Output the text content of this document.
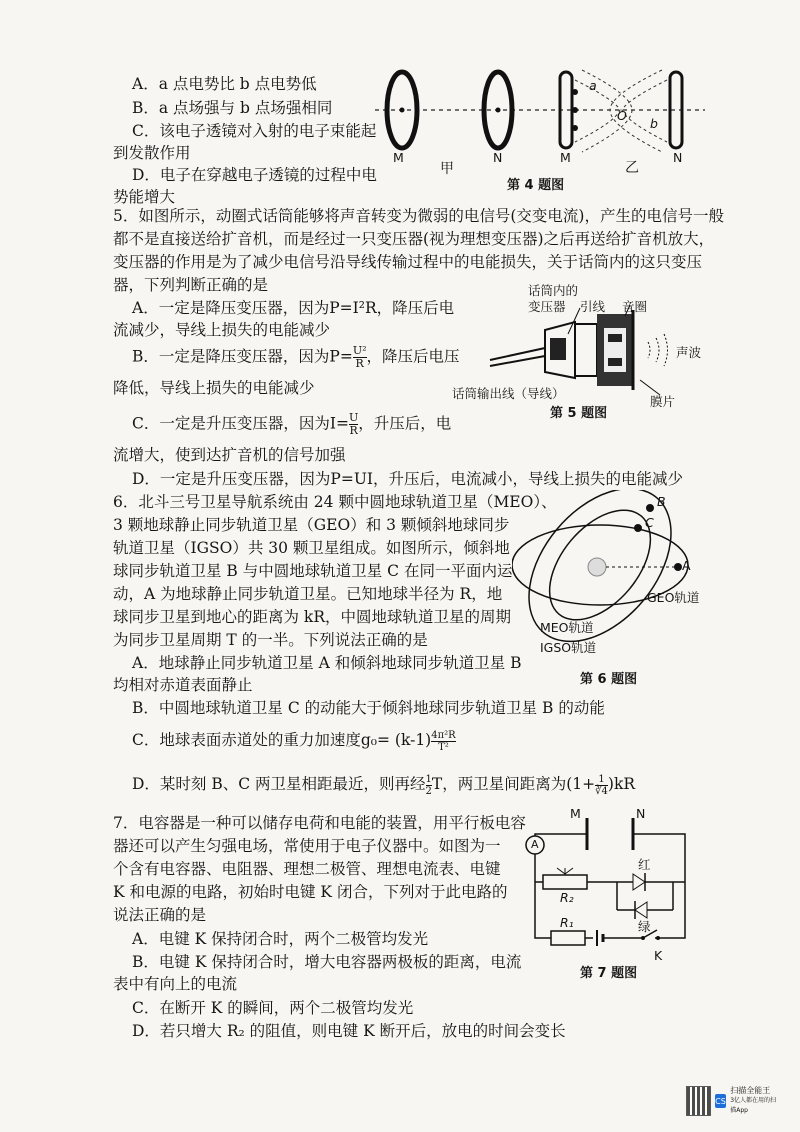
A．a 点电势比 b 点电势低
B．a 点场强与 b 点场强相同
C．该电子透镜对入射的电子束能起
到发散作用
D．电子在穿越电子透镜的过程中电
势能增大
M
甲
N	M
乙
N
a
b
O
第 4 题图
5．如图所示，动圈式话筒能够将声音转变为微弱的电信号(交变电流)，产生的电信号一般
都不是直接送给扩音机，而是经过一只变压器(视为理想变压器)之后再送给扩音机放大，
变压器的作用是为了减少电信号沿导线传输过程中的电能损失，关于话筒内的这只变压
器，下列判断正确的是
A．一定是降压变压器，因为P=I²R，降压后电
流减少，导线上损失的电能减少
B．一定是降压变压器，因为$P= \frac{\text{U²}}{R}$ ，降压后电压
降低，导线上损失的电能减少
C．一定是升压变压器，因为$I= \frac{U}{R}$ ，升压后，电
流增大，使到达扩音机的信号加强
D．一定是升压变压器，因为P=UI，升压后，电流减小，导线上损失的电能减少
话筒内的
变压器 引线 音圈
声波
话筒输出线（导线）
膜片
第 5 题图
6．北斗三号卫星导航系统由 24 颗中圆地球轨道卫星（MEO）、
3 颗地球静止同步轨道卫星（GEO）和 3 颗倾斜地球同步
轨道卫星（IGSO）共 30 颗卫星组成。如图所示，倾斜地
球同步轨道卫星 B 与中圆地球轨道卫星 C 在同一平面内运
动，A 为地球静止同步轨道卫星。已知地球半径为 R，地
球同步卫星到地心的距离为 kR，中圆地球轨道卫星的周期
为同步卫星周期 T 的一半。下列说法正确的是
A．地球静止同步轨道卫星 A 和倾斜地球同步轨道卫星 B
均相对赤道表面静止
B．中圆地球轨道卫星 C 的动能大于倾斜地球同步轨道卫星 B 的动能
C．地球表面赤道处的重力加速度$g_0= (k-1) \frac{\text{4π²R}}{\text{T²}}$
D．某时刻 B、C 两卫星相距最近，则再经 $\frac{1}{2}$ T，两卫星间距离为$(1+ \frac{1}{∛4} )kR$
B
C
A
GEO轨道
MEO轨道
IGSO轨道
第 6 题图
7．电容器是一种可以储存电荷和电能的装置，用平行板电容
器还可以产生匀强电场，常使用于电子仪器中。如图为一
个含有电容器、电阻器、理想二极管、理想电流表、电键
K 和电源的电路，初始时电键 K 闭合，下列对于此电路的
说法正确的是
A．电键 K 保持闭合时，两个二极管均发光
B．电键 K 保持闭合时，增大电容器两极板的距离，电流
表中有向上的电流
C．在断开 K 的瞬间，两个二极管均发光
D．若只增大 R₂ 的阻值，则电键 K 断开后，放电的时间会变长
M	N
A
红
绿
R₂
R₁
K
第 7 题图
CS
扫描全能王
3亿人都在用的扫描App
